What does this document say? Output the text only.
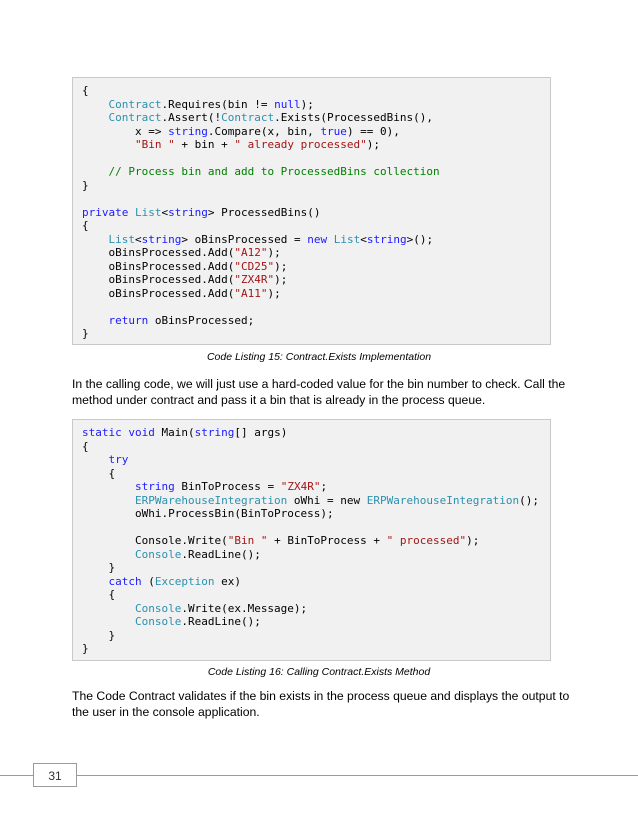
{
Contract.Requires(bin != null);
Contract.Assert(!Contract.Exists(ProcessedBins(),
x => string.Compare(x, bin, true) == 0),
"Bin " + bin + " already processed");
// Process bin and add to ProcessedBins collection
}
private List<string> ProcessedBins()
{
List<string> oBinsProcessed = new List<string>();
oBinsProcessed.Add("A12");
oBinsProcessed.Add("CD25");
oBinsProcessed.Add("ZX4R");
oBinsProcessed.Add("A11");
return oBinsProcessed;
}
Code Listing 15: Contract.Exists Implementation
In the calling code, we will just use a hard-coded value for the bin number to check. Call the method under contract and pass it a bin that is already in the process queue.
static void Main(string[] args)
{
try
{
string BinToProcess = "ZX4R";
ERPWarehouseIntegration oWhi = new ERPWarehouseIntegration();
oWhi.ProcessBin(BinToProcess);
Console.Write("Bin " + BinToProcess + " processed");
Console.ReadLine();
}
catch (Exception ex)
{
Console.Write(ex.Message);
Console.ReadLine();
}
}
Code Listing 16: Calling Contract.Exists Method
The Code Contract validates if the bin exists in the process queue and displays the output to the user in the console application.
31
